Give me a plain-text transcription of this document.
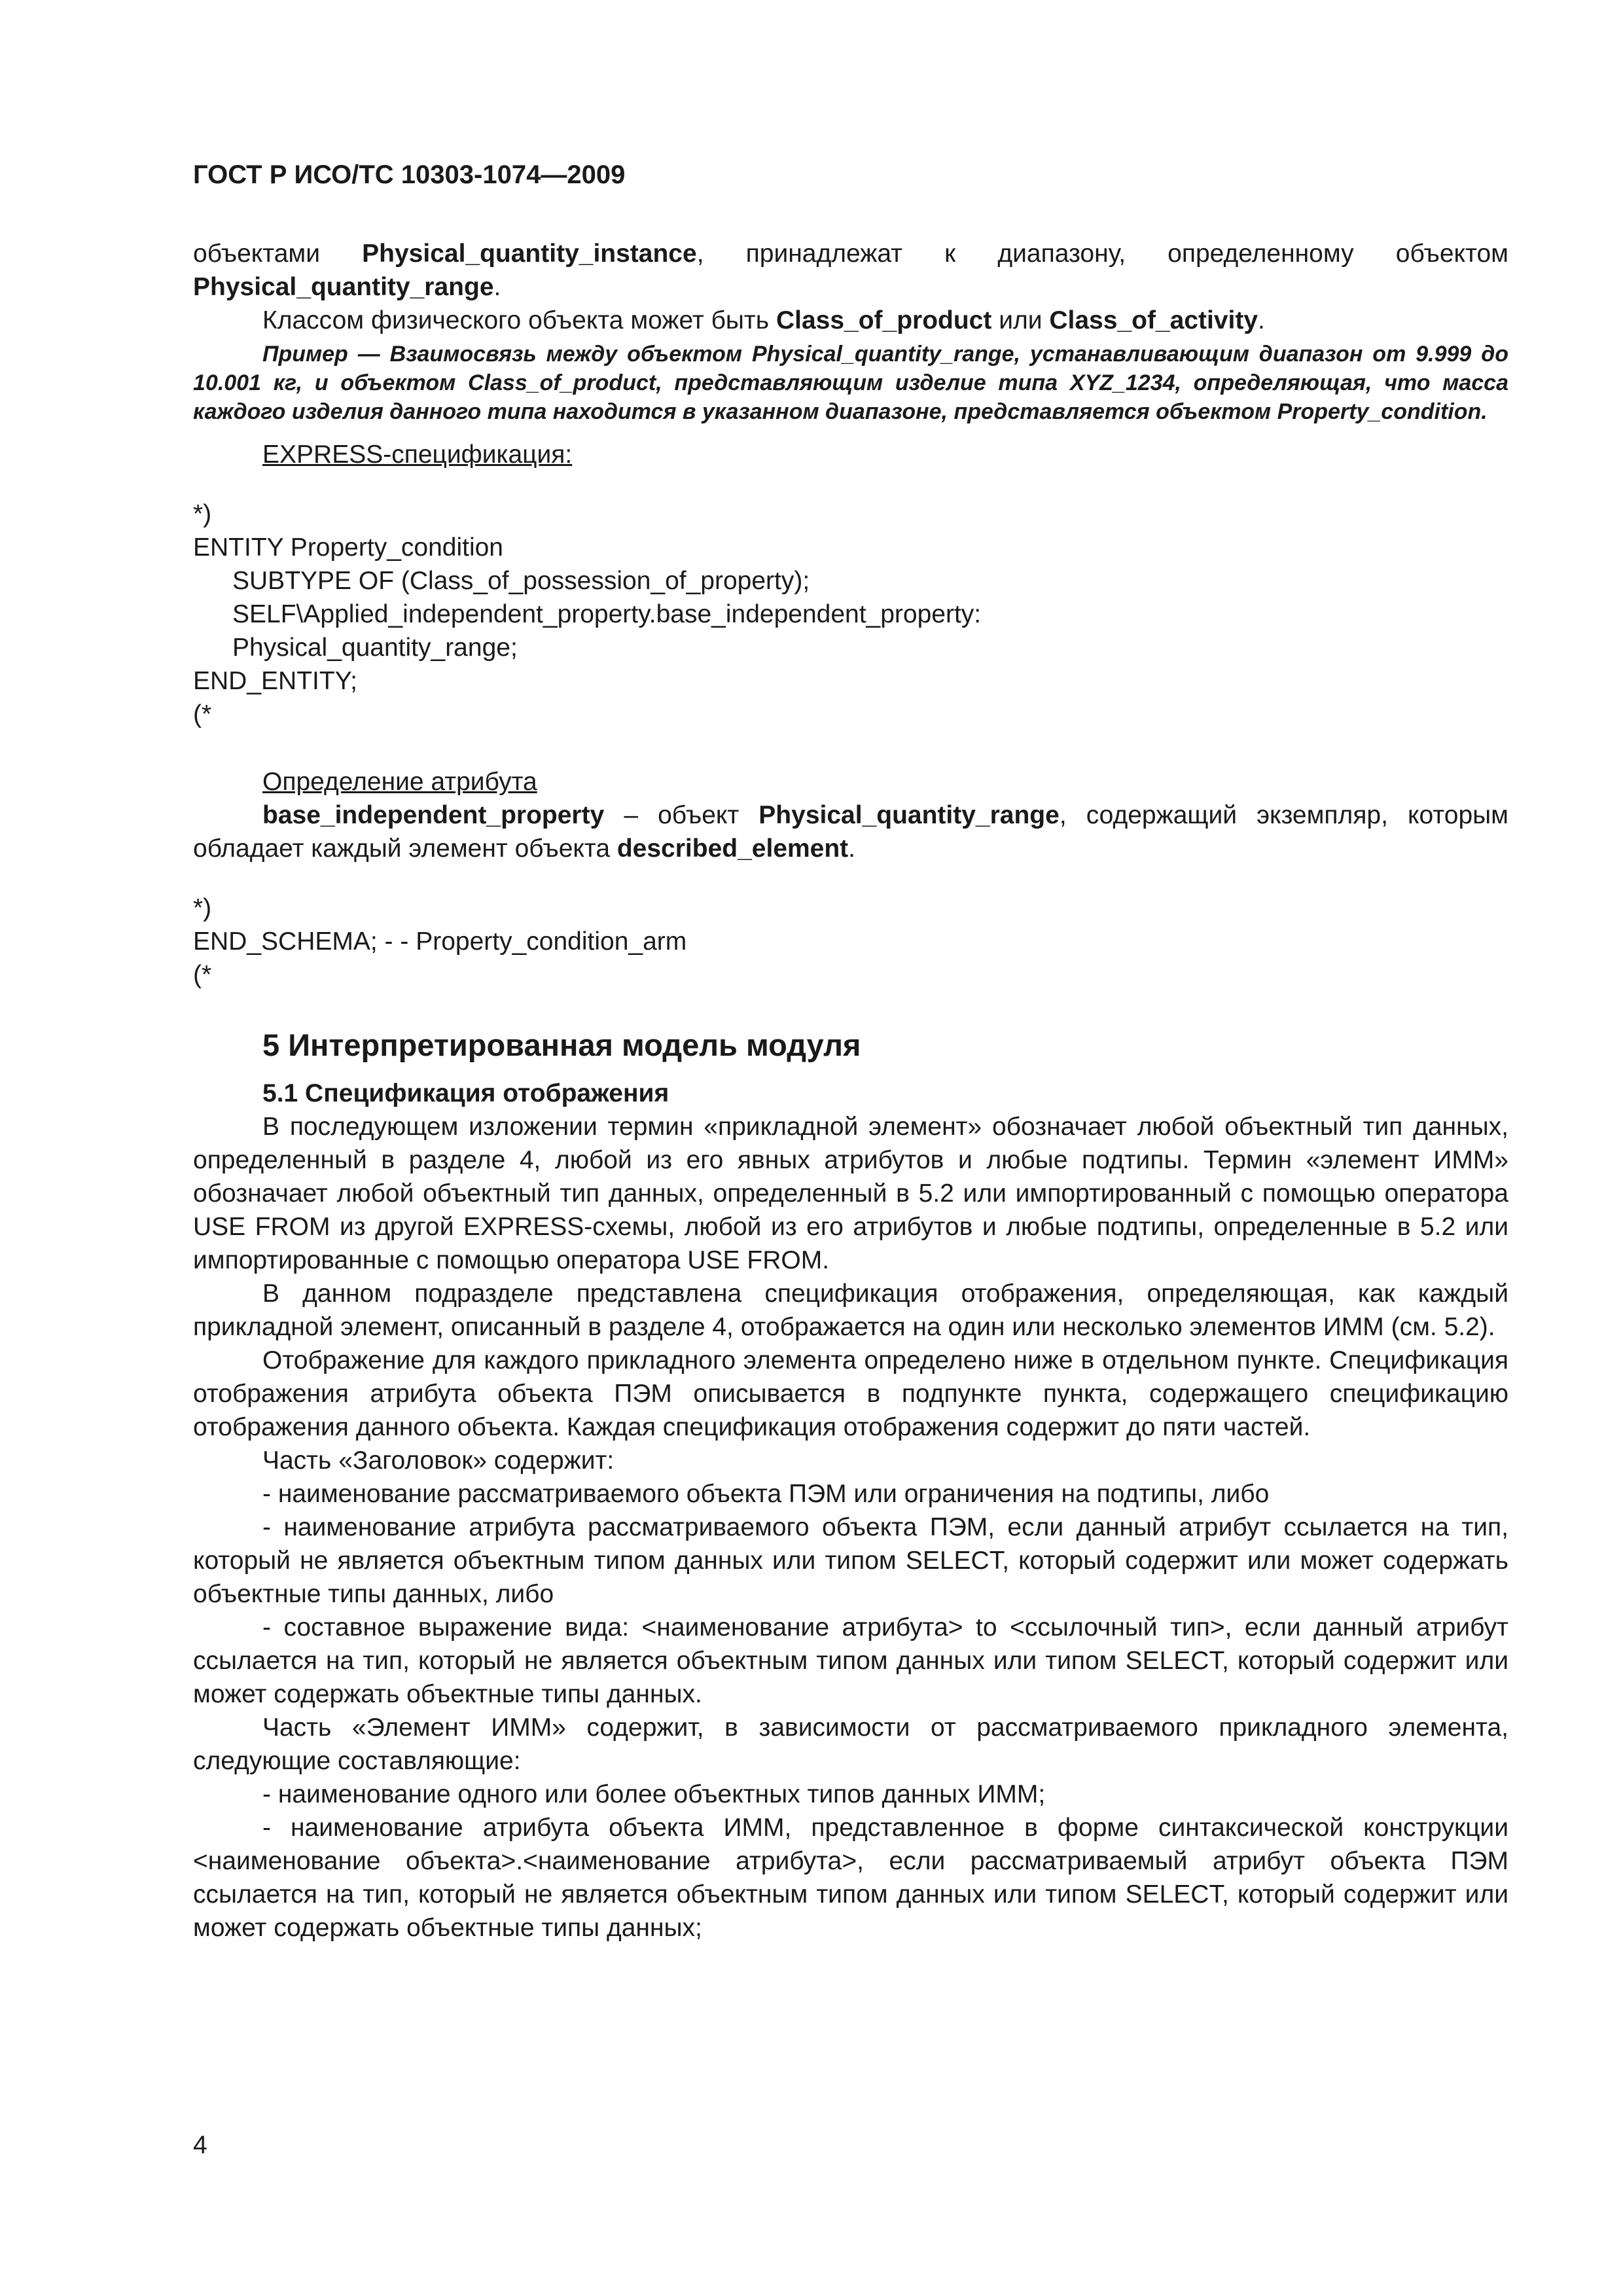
ГОСТ Р ИСО/ТС 10303-1074—2009

объектами Physical_quantity_instance, принадлежат к диапазону, определенному объектом Physical_quantity_range.

Классом физического объекта может быть Class_of_product или Class_of_activity.

Пример — Взаимосвязь между объектом Physical_quantity_range, устанавливающим диапазон от 9.999 до 10.001 кг, и объектом Class_of_product, представляющим изделие типа XYZ_1234, определяющая, что масса каждого изделия данного типа находится в указанном диапазоне, представляется объектом Property_condition.

EXPRESS-спецификация:

*)

ENTITY Property_condition

SUBTYPE OF (Class_of_possession_of_property);

SELF\Applied_independent_property.base_independent_property:

Physical_quantity_range;

END_ENTITY;

(*

Определение атрибута

base_independent_property – объект Physical_quantity_range, содержащий экземпляр, которым обладает каждый элемент объекта described_element.

*)

END_SCHEMA; - - Property_condition_arm

(*

5 Интерпретированная модель модуля

5.1 Спецификация отображения

В последующем изложении термин «прикладной элемент» обозначает любой объектный тип данных, определенный в разделе 4, любой из его явных атрибутов и любые подтипы. Термин «элемент ИММ» обозначает любой объектный тип данных, определенный в 5.2 или импортированный с помощью оператора USE FROM из другой EXPRESS-схемы, любой из его атрибутов и любые подтипы, определенные в 5.2 или импортированные с помощью оператора USE FROM.

В данном подразделе представлена спецификация отображения, определяющая, как каждый прикладной элемент, описанный в разделе 4, отображается на один или несколько элементов ИММ (см. 5.2).

Отображение для каждого прикладного элемента определено ниже в отдельном пункте. Спецификация отображения атрибута объекта ПЭМ описывается в подпункте пункта, содержащего спецификацию отображения данного объекта. Каждая спецификация отображения содержит до пяти частей.

Часть «Заголовок» содержит:

- наименование рассматриваемого объекта ПЭМ или ограничения на подтипы, либо

- наименование атрибута рассматриваемого объекта ПЭМ, если данный атрибут ссылается на тип, который не является объектным типом данных или типом SELECT, который содержит или может содержать объектные типы данных, либо

- составное выражение вида: <наименование атрибута> to <ссылочный тип>, если данный атрибут ссылается на тип, который не является объектным типом данных или типом SELECT, который содержит или может содержать объектные типы данных.

Часть «Элемент ИММ» содержит, в зависимости от рассматриваемого прикладного элемента, следующие составляющие:

- наименование одного или более объектных типов данных ИММ;

- наименование атрибута объекта ИММ, представленное в форме синтаксической конструкции <наименование объекта>.<наименование атрибута>, если рассматриваемый атрибут объекта ПЭМ ссылается на тип, который не является объектным типом данных или типом SELECT, который содержит или может содержать объектные типы данных;

4
